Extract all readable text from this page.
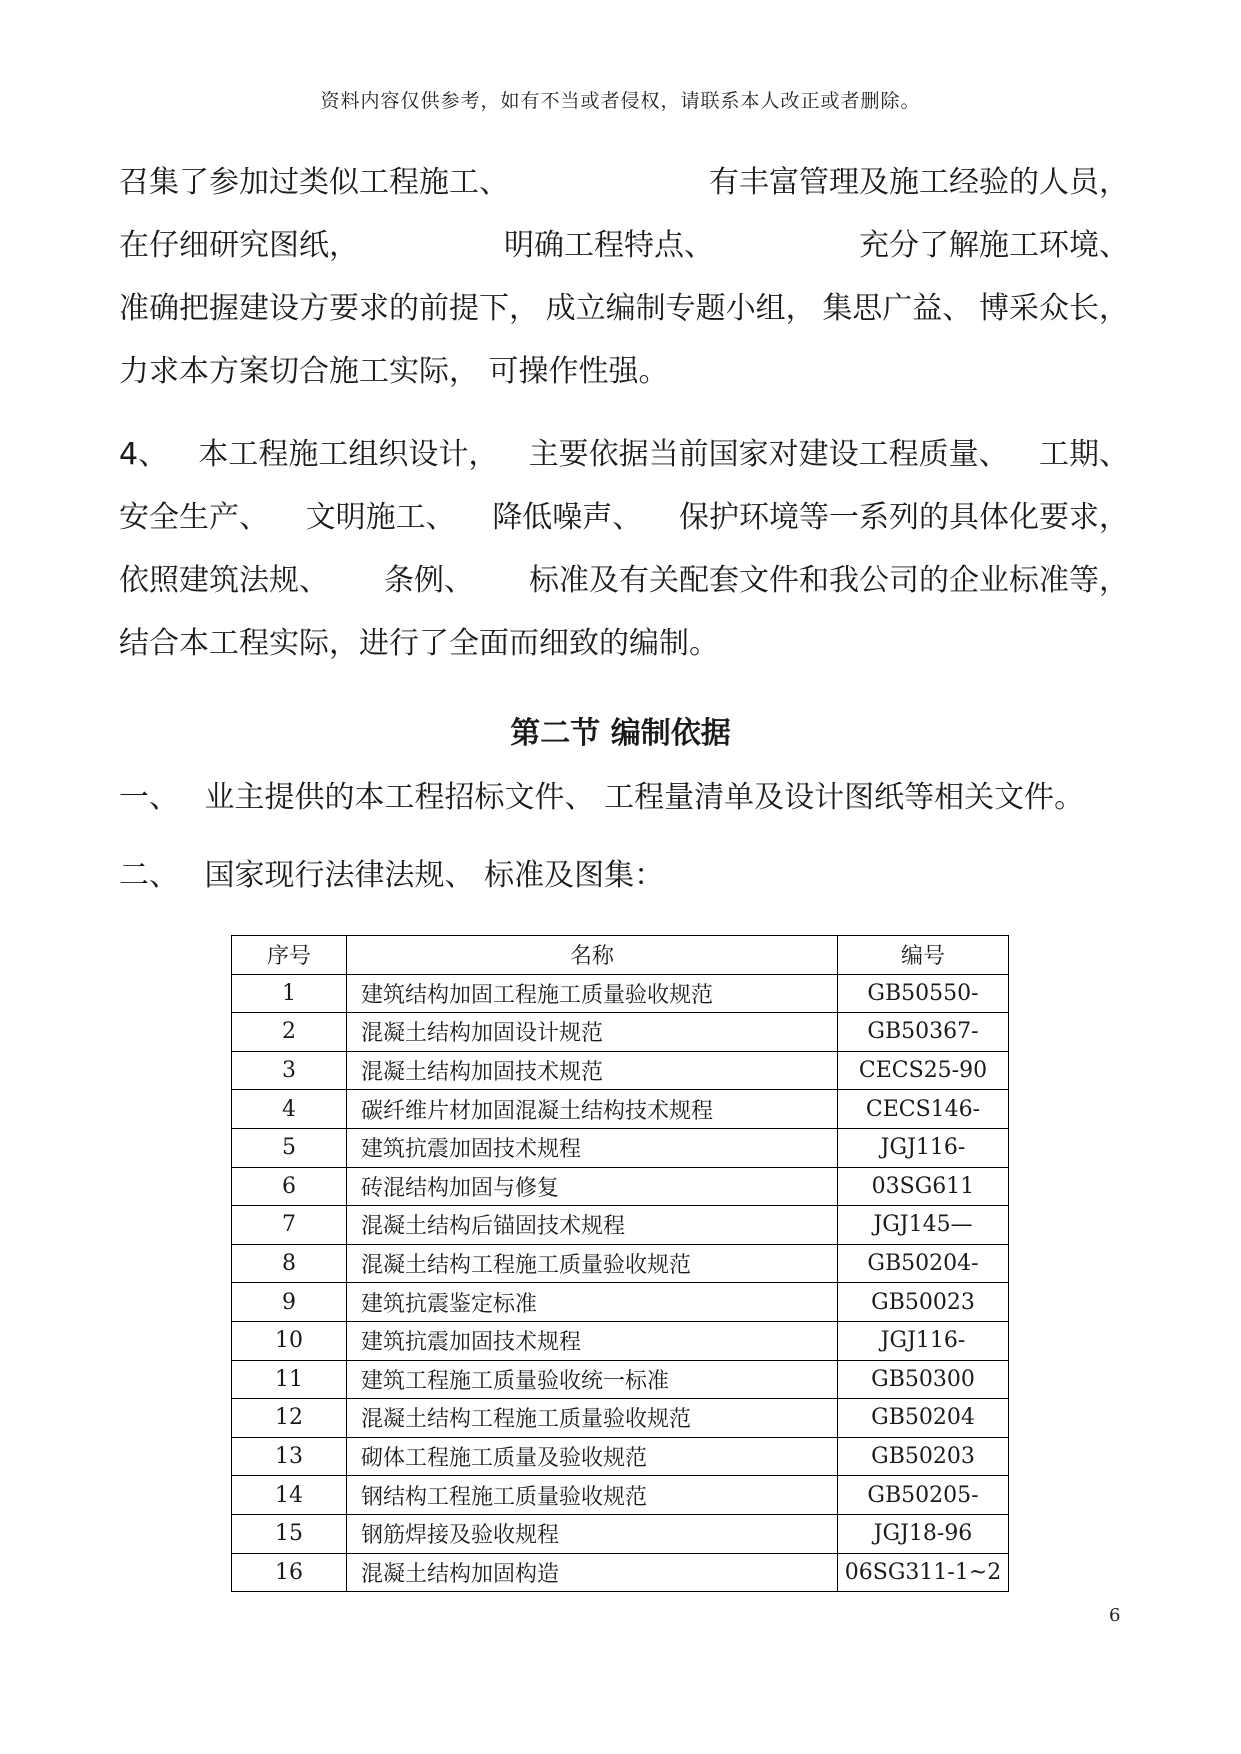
资料内容仅供参考，如有不当或者侵权，请联系本人改正或者删除。
召集了参加过类似工程施工、	有丰富管理及施工经验的人员，
在仔细研究图纸，	明确工程特点、	充分了解施工环境、
准确把握建设方要求的前提下， 成立编制专题小组， 集思广益、 博采众长，
力求本方案切合施工实际， 可操作性强。
4、 本工程施工组织设计， 主要依据当前国家对建设工程质量、 工期、
安全生产、 文明施工、 降低噪声、 保护环境等一系列的具体化要求，
依照建筑法规、 条例、 标准及有关配套文件和我公司的企业标准等，
结合本工程实际，进行了全面而细致的编制。
第二节 编制依据
一、 业主提供的本工程招标文件、 工程量清单及设计图纸等相关文件。
二、 国家现行法律法规、 标准及图集：
序号	名称	编号
1	建筑结构加固工程施工质量验收规范	GB50550-
2	混凝土结构加固设计规范	GB50367-
3	混凝土结构加固技术规范	CECS25-90
4	碳纤维片材加固混凝土结构技术规程	CECS146-
5	建筑抗震加固技术规程	JGJ116-
6	砖混结构加固与修复	03SG611
7	混凝土结构后锚固技术规程	JGJ145—
8	混凝土结构工程施工质量验收规范	GB50204-
9	建筑抗震鉴定标准	GB50023
10	建筑抗震加固技术规程	JGJ116-
11	建筑工程施工质量验收统一标准	GB50300
12	混凝土结构工程施工质量验收规范	GB50204
13	砌体工程施工质量及验收规范	GB50203
14	钢结构工程施工质量验收规范	GB50205-
15	钢筋焊接及验收规程	JGJ18-96
16	混凝土结构加固构造	06SG311-1~2
6
